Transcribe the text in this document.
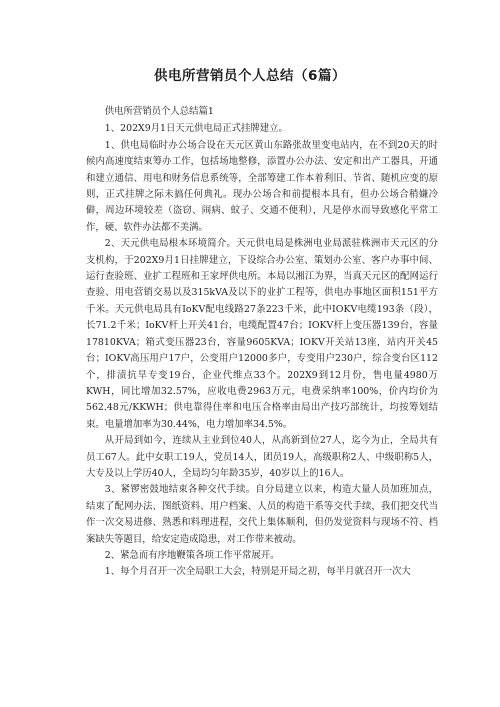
供电所营销员个人总结（6篇）

供电所营销员个人总结篇1

1、202X9月1日天元供电局正式挂牌建立。

1、供电局临时办公场合设在天元区黄山东路张故里变电站内，在不到20天的时候内高速度结束筹办工作，包括场地整修，添置办公办法、安定和出产工器具，开通和建立通信、用电和财务信息系统等，全部筹建工作本着利旧、节省、随机应变的原则，正式挂牌之际未搞任何典礼。现办公场合和前提根本具有，但办公场合稍嫌冷僻，周边环境较差（盗窃、闹病、蚊子、交通不便利），凡是停水而导致感化平常工作，硬、软件办法都不美满。

2、天元供电局根本环境简介。天元供电局是株洲电业局派驻株洲市天元区的分支机构，于202X9月1日挂牌建立，下设综合办公室、策划办公室、客户办事中间、运行查验班、业扩工程班和王家坪供电所。本局以湘江为界，当真天元区的配网运行查验、用电营销交易以及315kVA及以下的业扩工程等，供电办事地区面积151平方千米。天元供电局具有IoKV配电线路27条223千米，此中IOKV电缆193条（段），长71.2千米；IoKV杆上开关41台，电缆配置47台；IOKV杆上变压器139台，容量17810KVA；箱式变压器23台，容量9605KVA；IOKV开关站13座，站内开关45台；IOKV高压用户17户，公变用户12000多户，专变用户230户，综合变台区112个，排渍抗旱专变19台，企业代维点33个。202X9到12月份，售电量4980万KWH，同比增加32.57%，应收电费2963万元，电费采纳率100%，价内均价为562.48元/KKWH；供电靠得住率和电压合格率由局出产技巧部统计，均按筹划结束。电量增加率为30.44%，电力增加率34.5%。

从开局到如今，连续从主业到位40人，从高新到位27人，迄今为止，全局共有员工67人。此中女职工19人，党员14人，团员19人，高级职称2人、中级职称5人，大专及以上学历40人，全局均匀年龄35岁，40岁以上的16人。

3、紧锣密鼓地结束各种交代手续。自分局建立以来，构造大量人员加班加点，结束了配网办法、图纸资料、用户档案、人员的构造干系等交代手续，我们把交代当作一次交易进修、熟悉和料理进程，交代上集体顺利，但仍发觉资料与现场不符、档案缺失等题目，给安定造成隐患，对工作带来被动。

2、紧急而有序地鞭策各项工作平常展开。

1、每个月召开一次全局职工大会，特别是开局之初，每半月就召开一次大
